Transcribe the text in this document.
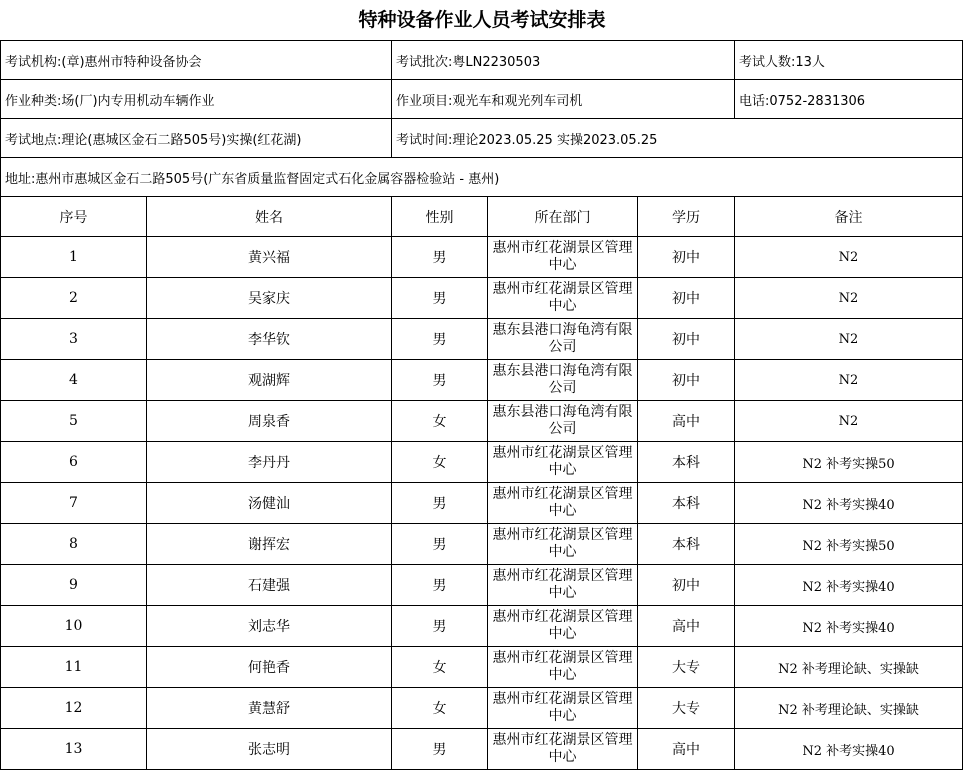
特种设备作业人员考试安排表
考试机构:(章)惠州市特种设备协会		考试批次:粤LN2230503			考试人数:13人
作业种类:场(厂)内专用机动车辆作业		作业项目:观光车和观光列车司机			电话:0752-2831306
考试地点:理论(惠城区金石二路505号)实操(红花湖)		考试时间:理论2023.05.25 实操2023.05.25			
地址:惠州市惠城区金石二路505号(广东省质量监督固定式石化金属容器检验站 - 惠州)					
序号	姓名	性别	所在部门	学历	备注
1	黄兴福	男	惠州市红花湖景区管理中心	初中	N2
2	吴家庆	男	惠州市红花湖景区管理中心	初中	N2
3	李华钦	男	惠东县港口海龟湾有限公司	初中	N2
4	观湖辉	男	惠东县港口海龟湾有限公司	初中	N2
5	周泉香	女	惠东县港口海龟湾有限公司	高中	N2
6	李丹丹	女	惠州市红花湖景区管理中心	本科	N2 补考实操50
7	汤健汕	男	惠州市红花湖景区管理中心	本科	N2 补考实操40
8	谢挥宏	男	惠州市红花湖景区管理中心	本科	N2 补考实操50
9	石建强	男	惠州市红花湖景区管理中心	初中	N2 补考实操40
10	刘志华	男	惠州市红花湖景区管理中心	高中	N2 补考实操40
11	何艳香	女	惠州市红花湖景区管理中心	大专	N2 补考理论缺、实操缺
12	黄慧舒	女	惠州市红花湖景区管理中心	大专	N2 补考理论缺、实操缺
13	张志明	男	惠州市红花湖景区管理中心	高中	N2 补考实操40
